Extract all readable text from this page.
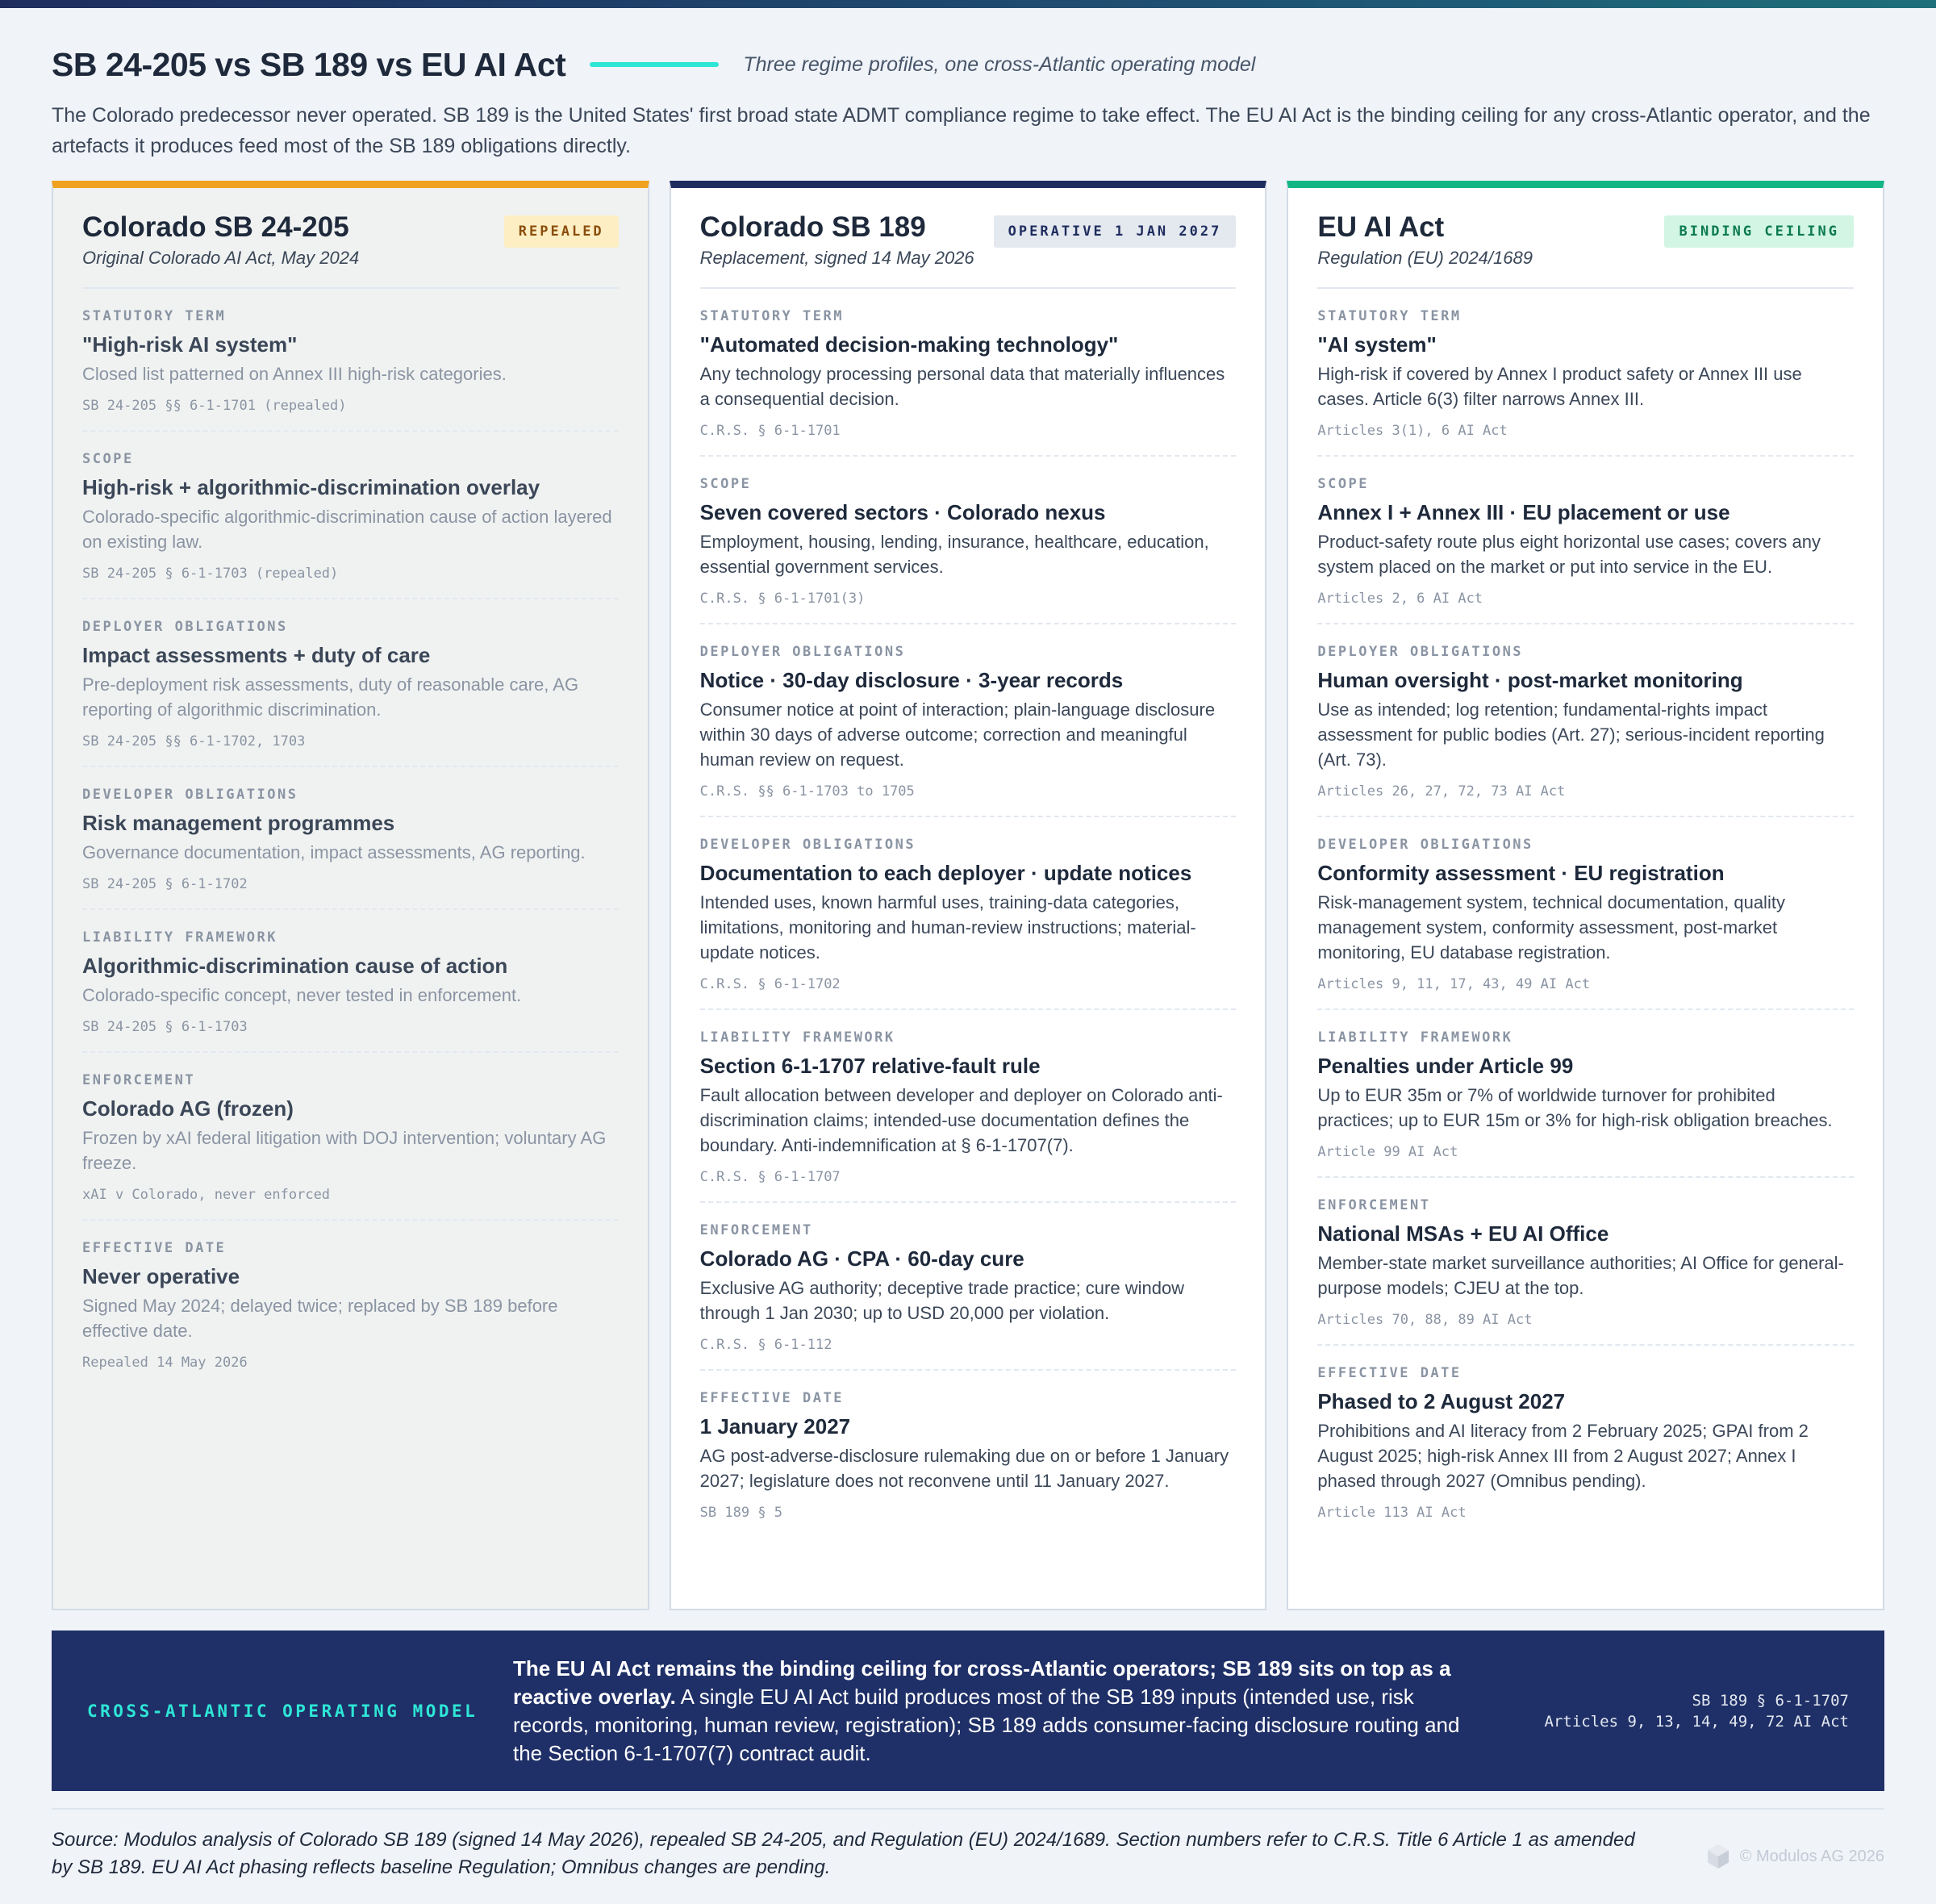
SB 24-205 vs SB 189 vs EU AI Act	Three regime profiles, one cross-Atlantic operating model

The Colorado predecessor never operated. SB 189 is the United States' first broad state ADMT compliance regime to take effect. The EU AI Act is the binding ceiling for any cross-Atlantic operator, and the artefacts it produces feed most of the SB 189 obligations directly.

Colorado SB 24-205
Original Colorado AI Act, May 2024
REPEALED
STATUTORY TERM
"High-risk AI system"
Closed list patterned on Annex III high-risk categories.
SB 24-205 §§ 6-1-1701 (repealed)
SCOPE
High-risk + algorithmic-discrimination overlay
Colorado-specific algorithmic-discrimination cause of action layered on existing law.
SB 24-205 § 6-1-1703 (repealed)
DEPLOYER OBLIGATIONS
Impact assessments + duty of care
Pre-deployment risk assessments, duty of reasonable care, AG reporting of algorithmic discrimination.
SB 24-205 §§ 6-1-1702, 1703
DEVELOPER OBLIGATIONS
Risk management programmes
Governance documentation, impact assessments, AG reporting.
SB 24-205 § 6-1-1702
LIABILITY FRAMEWORK
Algorithmic-discrimination cause of action
Colorado-specific concept, never tested in enforcement.
SB 24-205 § 6-1-1703
ENFORCEMENT
Colorado AG (frozen)
Frozen by xAI federal litigation with DOJ intervention; voluntary AG freeze.
xAI v Colorado, never enforced
EFFECTIVE DATE
Never operative
Signed May 2024; delayed twice; replaced by SB 189 before effective date.
Repealed 14 May 2026
Colorado SB 189
Replacement, signed 14 May 2026
OPERATIVE 1 JAN 2027
STATUTORY TERM
"Automated decision-making technology"
Any technology processing personal data that materially influences a consequential decision.
C.R.S. § 6-1-1701
SCOPE
Seven covered sectors · Colorado nexus
Employment, housing, lending, insurance, healthcare, education, essential government services.
C.R.S. § 6-1-1701(3)
DEPLOYER OBLIGATIONS
Notice · 30-day disclosure · 3-year records
Consumer notice at point of interaction; plain-language disclosure within 30 days of adverse outcome; correction and meaningful human review on request.
C.R.S. §§ 6-1-1703 to 1705
DEVELOPER OBLIGATIONS
Documentation to each deployer · update notices
Intended uses, known harmful uses, training-data categories, limitations, monitoring and human-review instructions; material-update notices.
C.R.S. § 6-1-1702
LIABILITY FRAMEWORK
Section 6-1-1707 relative-fault rule
Fault allocation between developer and deployer on Colorado anti-discrimination claims; intended-use documentation defines the boundary. Anti-indemnification at § 6-1-1707(7).
C.R.S. § 6-1-1707
ENFORCEMENT
Colorado AG · CPA · 60-day cure
Exclusive AG authority; deceptive trade practice; cure window through 1 Jan 2030; up to USD 20,000 per violation.
C.R.S. § 6-1-112
EFFECTIVE DATE
1 January 2027
AG post-adverse-disclosure rulemaking due on or before 1 January 2027; legislature does not reconvene until 11 January 2027.
SB 189 § 5
EU AI Act
Regulation (EU) 2024/1689
BINDING CEILING
STATUTORY TERM
"AI system"
High-risk if covered by Annex I product safety or Annex III use cases. Article 6(3) filter narrows Annex III.
Articles 3(1), 6 AI Act
SCOPE
Annex I + Annex III · EU placement or use
Product-safety route plus eight horizontal use cases; covers any system placed on the market or put into service in the EU.
Articles 2, 6 AI Act
DEPLOYER OBLIGATIONS
Human oversight · post-market monitoring
Use as intended; log retention; fundamental-rights impact assessment for public bodies (Art. 27); serious-incident reporting (Art. 73).
Articles 26, 27, 72, 73 AI Act
DEVELOPER OBLIGATIONS
Conformity assessment · EU registration
Risk-management system, technical documentation, quality management system, conformity assessment, post-market monitoring, EU database registration.
Articles 9, 11, 17, 43, 49 AI Act
LIABILITY FRAMEWORK
Penalties under Article 99
Up to EUR 35m or 7% of worldwide turnover for prohibited practices; up to EUR 15m or 3% for high-risk obligation breaches.
Article 99 AI Act
ENFORCEMENT
National MSAs + EU AI Office
Member-state market surveillance authorities; AI Office for general-purpose models; CJEU at the top.
Articles 70, 88, 89 AI Act
EFFECTIVE DATE
Phased to 2 August 2027
Prohibitions and AI literacy from 2 February 2025; GPAI from 2 August 2025; high-risk Annex III from 2 August 2027; Annex I phased through 2027 (Omnibus pending).
Article 113 AI Act
CROSS-ATLANTIC OPERATING MODEL
The EU AI Act remains the binding ceiling for cross-Atlantic operators; SB 189 sits on top as a reactive overlay. A single EU AI Act build produces most of the SB 189 inputs (intended use, risk records, monitoring, human review, registration); SB 189 adds consumer-facing disclosure routing and the Section 6-1-1707(7) contract audit.
SB 189 § 6-1-1707
Articles 9, 13, 14, 49, 72 AI Act

Source: Modulos analysis of Colorado SB 189 (signed 14 May 2026), repealed SB 24-205, and Regulation (EU) 2024/1689. Section numbers refer to C.R.S. Title 6 Article 1 as amended by SB 189. EU AI Act phasing reflects baseline Regulation; Omnibus changes are pending.

© Modulos AG 2026
